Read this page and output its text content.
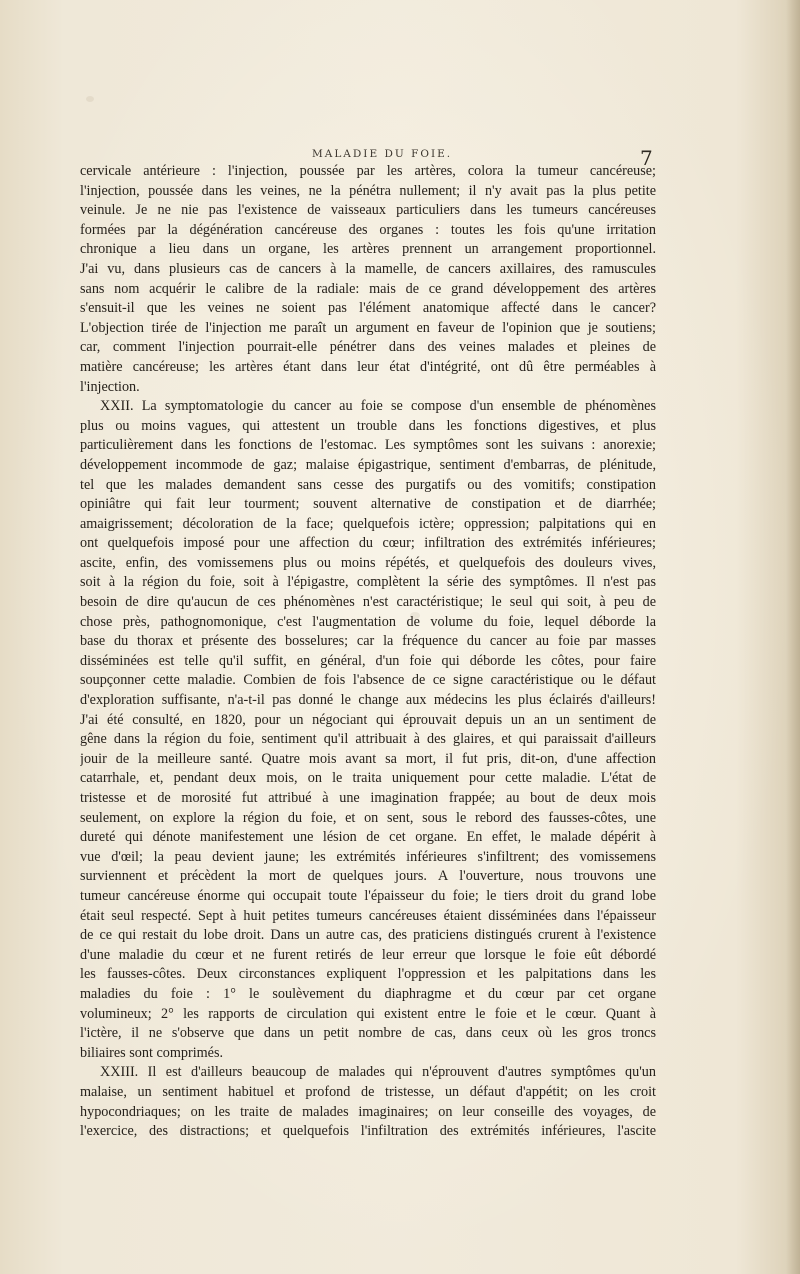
MALADIE DU FOIE.	7
cervicale antérieure : l'injection, poussée par les artères, colora la tumeur cancéreuse;
l'injection, poussée dans les veines, ne la pénétra nullement; il n'y avait pas la plus petite
veinule. Je ne nie pas l'existence de vaisseaux particuliers dans les tumeurs cancéreuses
formées par la dégénération cancéreuse des organes : toutes les fois qu'une irritation
chronique a lieu dans un organe, les artères prennent un arrangement proportionnel.
J'ai vu, dans plusieurs cas de cancers à la mamelle, de cancers axillaires, des ramuscules
sans nom acquérir le calibre de la radiale: mais de ce grand développement des artères
s'ensuit-il que les veines ne soient pas l'élément anatomique affecté dans le cancer?
L'objection tirée de l'injection me paraît un argument en faveur de l'opinion que je soutiens;
car, comment l'injection pourrait-elle pénétrer dans des veines malades et pleines de
matière cancéreuse; les artères étant dans leur état d'intégrité, ont dû être perméables à
l'injection.
XXII. La symptomatologie du cancer au foie se compose d'un ensemble de phénomènes
plus ou moins vagues, qui attestent un trouble dans les fonctions digestives, et plus
particulièrement dans les fonctions de l'estomac. Les symptômes sont les suivans : anorexie;
développement incommode de gaz; malaise épigastrique, sentiment d'embarras, de plénitude,
tel que les malades demandent sans cesse des purgatifs ou des vomitifs; constipation
opiniâtre qui fait leur tourment; souvent alternative de constipation et de diarrhée;
amaigrissement; décoloration de la face; quelquefois ictère; oppression; palpitations qui en
ont quelquefois imposé pour une affection du cœur; infiltration des extrémités inférieures;
ascite, enfin, des vomissemens plus ou moins répétés, et quelquefois des douleurs vives,
soit à la région du foie, soit à l'épigastre, complètent la série des symptômes. Il n'est pas
besoin de dire qu'aucun de ces phénomènes n'est caractéristique; le seul qui soit, à peu de
chose près, pathognomonique, c'est l'augmentation de volume du foie, lequel déborde la
base du thorax et présente des bosselures; car la fréquence du cancer au foie par masses
disséminées est telle qu'il suffit, en général, d'un foie qui déborde les côtes, pour faire
soupçonner cette maladie. Combien de fois l'absence de ce signe caractéristique ou le défaut
d'exploration suffisante, n'a-t-il pas donné le change aux médecins les plus éclairés d'ailleurs!
J'ai été consulté, en 1820, pour un négociant qui éprouvait depuis un an un sentiment de
gêne dans la région du foie, sentiment qu'il attribuait à des glaires, et qui paraissait d'ailleurs
jouir de la meilleure santé. Quatre mois avant sa mort, il fut pris, dit-on, d'une affection
catarrhale, et, pendant deux mois, on le traita uniquement pour cette maladie. L'état de
tristesse et de morosité fut attribué à une imagination frappée; au bout de deux mois
seulement, on explore la région du foie, et on sent, sous le rebord des fausses-côtes, une
dureté qui dénote manifestement une lésion de cet organe. En effet, le malade dépérit à
vue d'œil; la peau devient jaune; les extrémités inférieures s'infiltrent; des vomissemens
surviennent et précèdent la mort de quelques jours. A l'ouverture, nous trouvons une
tumeur cancéreuse énorme qui occupait toute l'épaisseur du foie; le tiers droit du grand lobe
était seul respecté. Sept à huit petites tumeurs cancéreuses étaient disséminées dans l'épaisseur
de ce qui restait du lobe droit. Dans un autre cas, des praticiens distingués crurent à l'existence
d'une maladie du cœur et ne furent retirés de leur erreur que lorsque le foie eût débordé
les fausses-côtes. Deux circonstances expliquent l'oppression et les palpitations dans les
maladies du foie : 1° le soulèvement du diaphragme et du cœur par cet organe
volumineux; 2° les rapports de circulation qui existent entre le foie et le cœur. Quant à
l'ictère, il ne s'observe que dans un petit nombre de cas, dans ceux où les gros troncs
biliaires sont comprimés.
XXIII. Il est d'ailleurs beaucoup de malades qui n'éprouvent d'autres symptômes qu'un
malaise, un sentiment habituel et profond de tristesse, un défaut d'appétit; on les croit
hypocondriaques; on les traite de malades imaginaires; on leur conseille des voyages, de
l'exercice, des distractions; et quelquefois l'infiltration des extrémités inférieures, l'ascite
